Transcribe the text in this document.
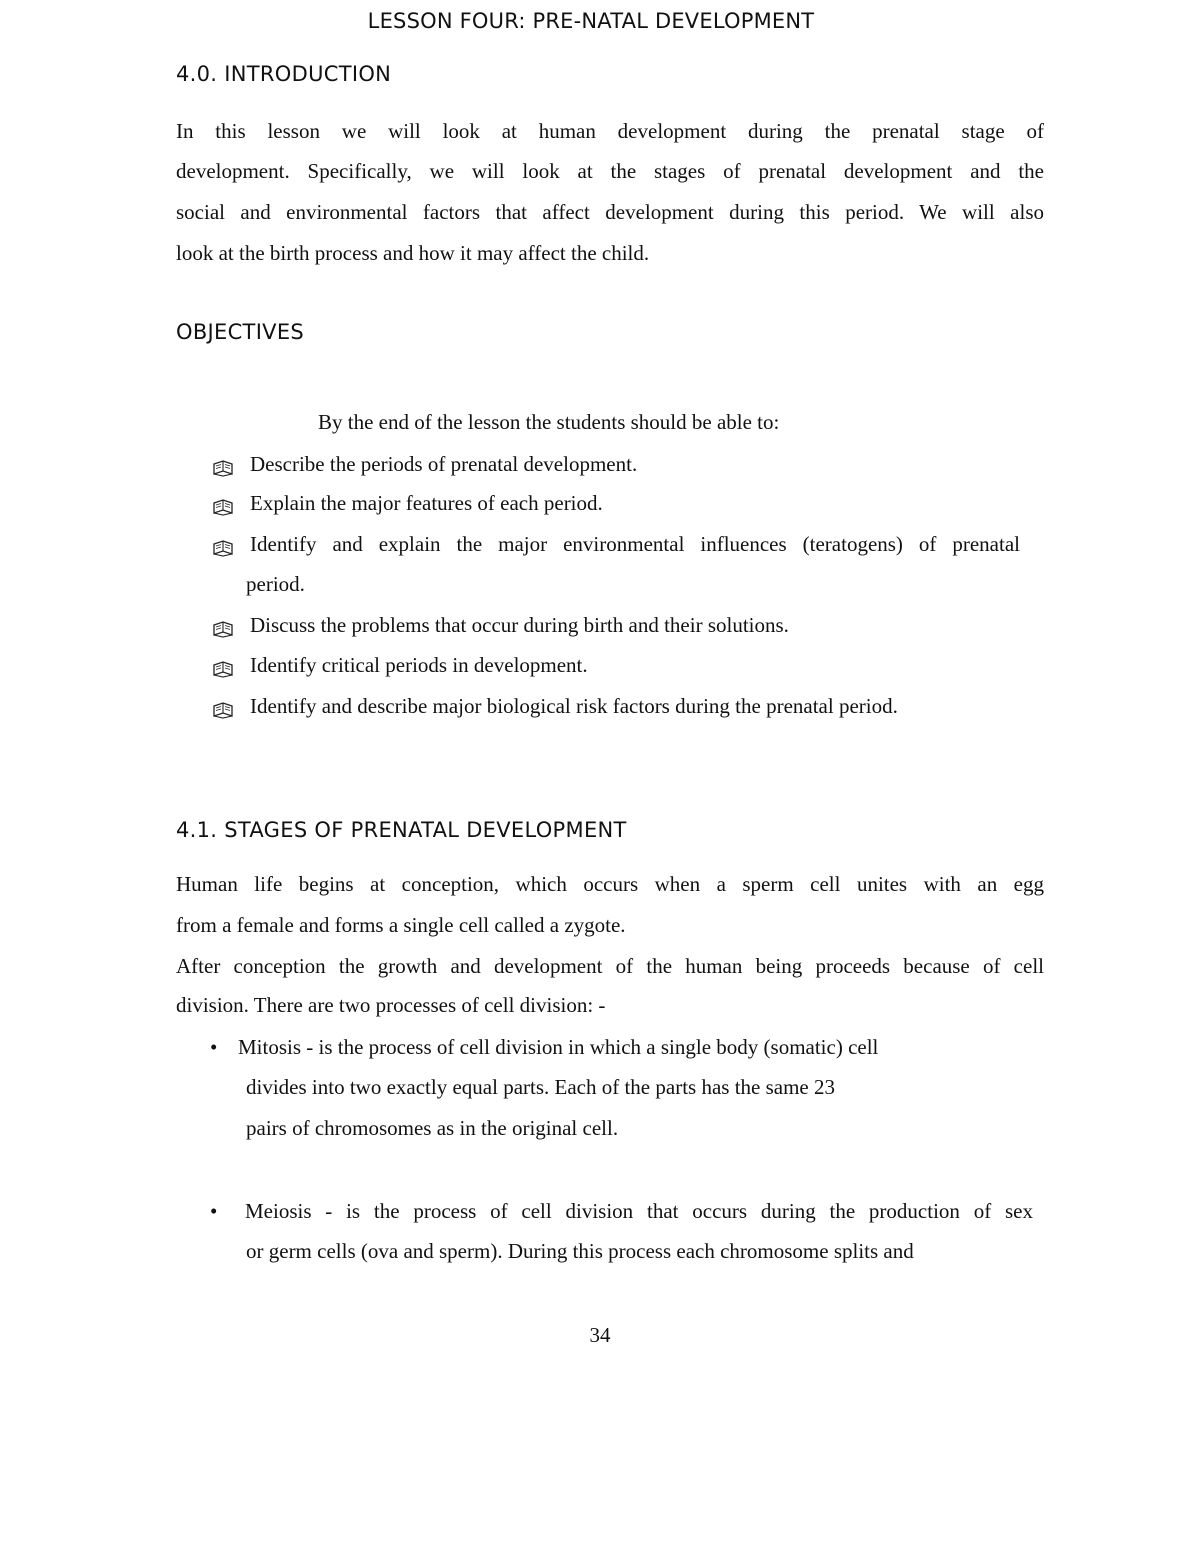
LESSON FOUR: PRE-NATAL DEVELOPMENT
4.0. INTRODUCTION
In this lesson we will look at human development during the prenatal stage of
development. Specifically, we will look at the stages of prenatal development and the
social and environmental factors that affect development during this period. We will also
look at the birth process and how it may affect the child.
OBJECTIVES
By the end of the lesson the students should be able to:
Describe the periods of prenatal development.
Explain the major features of each period.
Identify and explain the major environmental influences (teratogens) of prenatal
period.
Discuss the problems that occur during birth and their solutions.
Identify critical periods in development.
Identify and describe major biological risk factors during the prenatal period.
4.1. STAGES OF PRENATAL DEVELOPMENT
Human life begins at conception, which occurs when a sperm cell unites with an egg
from a female and forms a single cell called a zygote.
After conception the growth and development of the human being proceeds because of cell
division. There are two processes of cell division: -
• Mitosis - is the process of cell division in which a single body (somatic) cell
divides into two exactly equal parts. Each of the parts has the same 23
pairs of chromosomes as in the original cell.
• Meiosis - is the process of cell division that occurs during the production of sex
or germ cells (ova and sperm). During this process each chromosome splits and
34
